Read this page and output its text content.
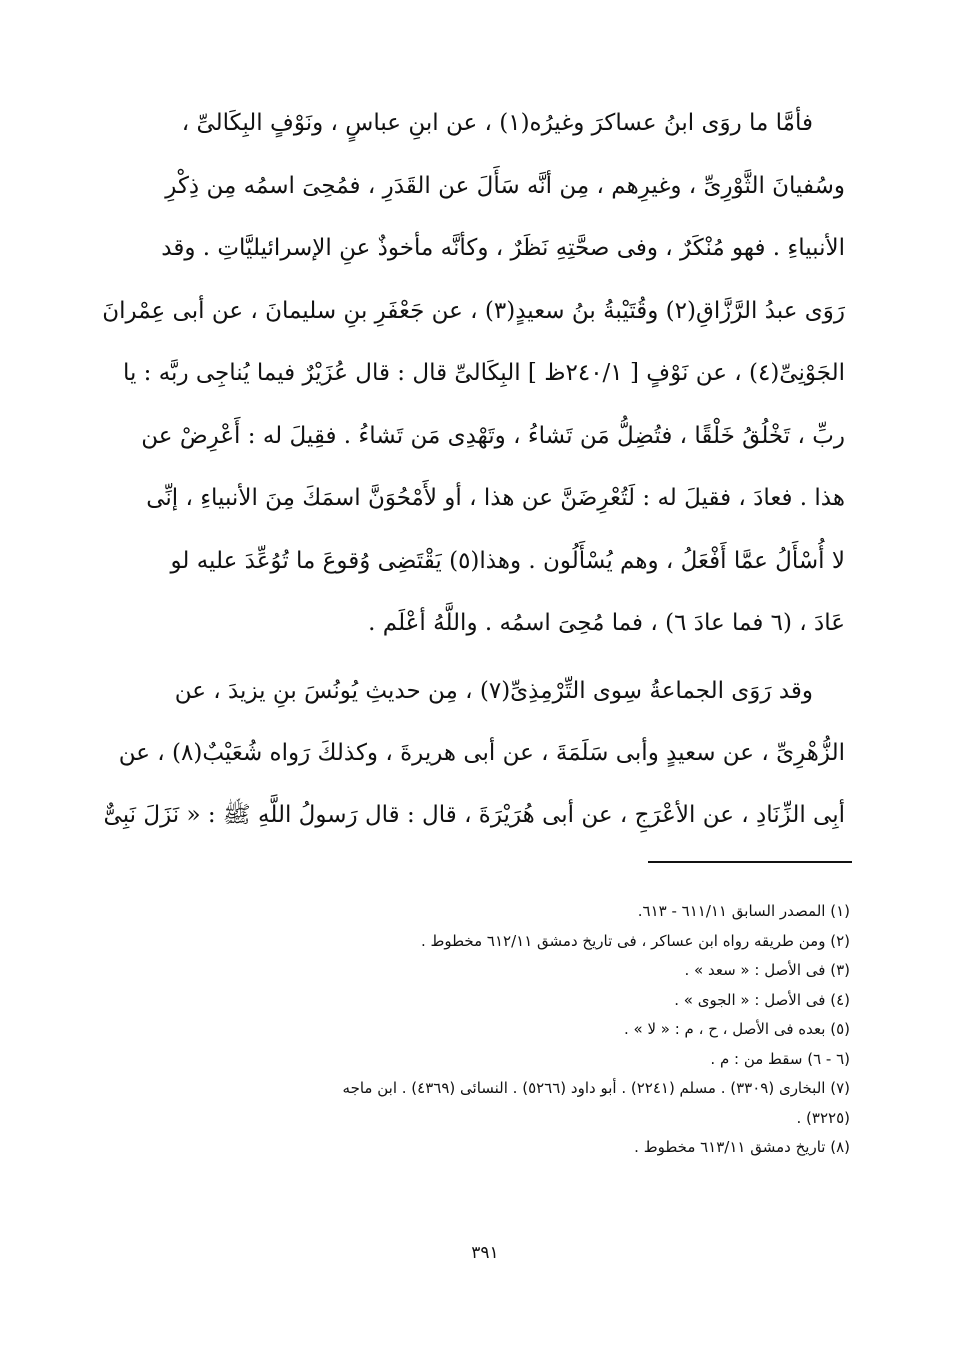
فأمَّا ما روَى ابنُ عساكرَ وغيرُه(١) ، عن ابنِ عباسٍ ، ونَوْفٍ البِكَالىِّ ،
وسُفيانَ الثَّوْرِىِّ ، وغيرِهم ، مِن أنَّه سَأَلَ عن القَدَرِ ، فمُحِىَ اسمُه مِن ذِكْرِ
الأنبياءِ . فهو مُنْكَرٌ ، وفى صحَّتِهِ نَظَرٌ ، وكأنَّه مأخوذٌ عنِ الإسرائيليَّاتِ . وقد
رَوَى عبدُ الرَّزَّاقِ(٢) وقُتَيْبةُ بنُ سعيدٍ(٣) ، عن جَعْفَرِ بنِ سليمانَ ، عن أبى عِمْرانَ
الجَوْنِىِّ(٤) ، عن نَوْفٍ [ ٢٤٠/١ظ ] البِكَالىِّ قال : قال عُزَيْرٌ فيما يُناجِى ربَّه : يا
ربِّ ، تَخْلُقُ خَلْقًا ، فتُضِلُّ مَن تَشاءُ ، وتَهْدِى مَن تَشاءُ . فقِيلَ له : أَعْرِضْ عن
هذا . فعادَ ، فقيلَ له : لَتُعْرِضَنَّ عن هذا ، أو لأَمْحُوَنَّ اسمَكَ مِنَ الأنبياءِ ، إنِّى
لا أُسْأَلُ عمَّا أَفْعَلُ ، وهم يُسْأَلُون . وهذا(٥) يَقْتَضِى وُقوعَ ما تُوُعِّدَ عليه لو
عَادَ ، (٦ فما عادَ ٦) ، فما مُحِىَ اسمُه . واللَّهُ أعْلَم .
وقد رَوَى الجماعةُ سِوى التِّرْمِذِىِّ(٧) ، مِن حديثِ يُونُسَ بنِ يزيدَ ، عن
الزُّهْرِىِّ ، عن سعيدٍ وأبى سَلَمَةَ ، عن أبى هريرةَ ، وكذلكَ رَواه شُعَيْبٌ(٨) ، عن
أبِى الزِّنَادِ ، عن الأعْرَجِ ، عن أبى هُرَيْرَةَ ، قال : قال رَسولُ اللَّهِ ﷺ : « نَزَلَ نَبِىٌّ
(١) المصدر السابق ٦١١/١١ - ٦١٣.
(٢) ومن طريقه رواه ابن عساكر ، فى تاريخ دمشق ٦١٢/١١ مخطوط .
(٣) فى الأصل : « سعد » .
(٤) فى الأصل : « الجوى » .
(٥) بعده فى الأصل ، ح ، م : « لا » .
(٦ - ٦) سقط من : م .
(٧) البخارى (٣٣٠٩) . مسلم (٢٢٤١) . أبو داود (٥٢٦٦) . النسائى (٤٣٦٩) . ابن ماجه
(٣٢٢٥) .
(٨) تاريخ دمشق ٦١٣/١١ مخطوط .
٣٩١
